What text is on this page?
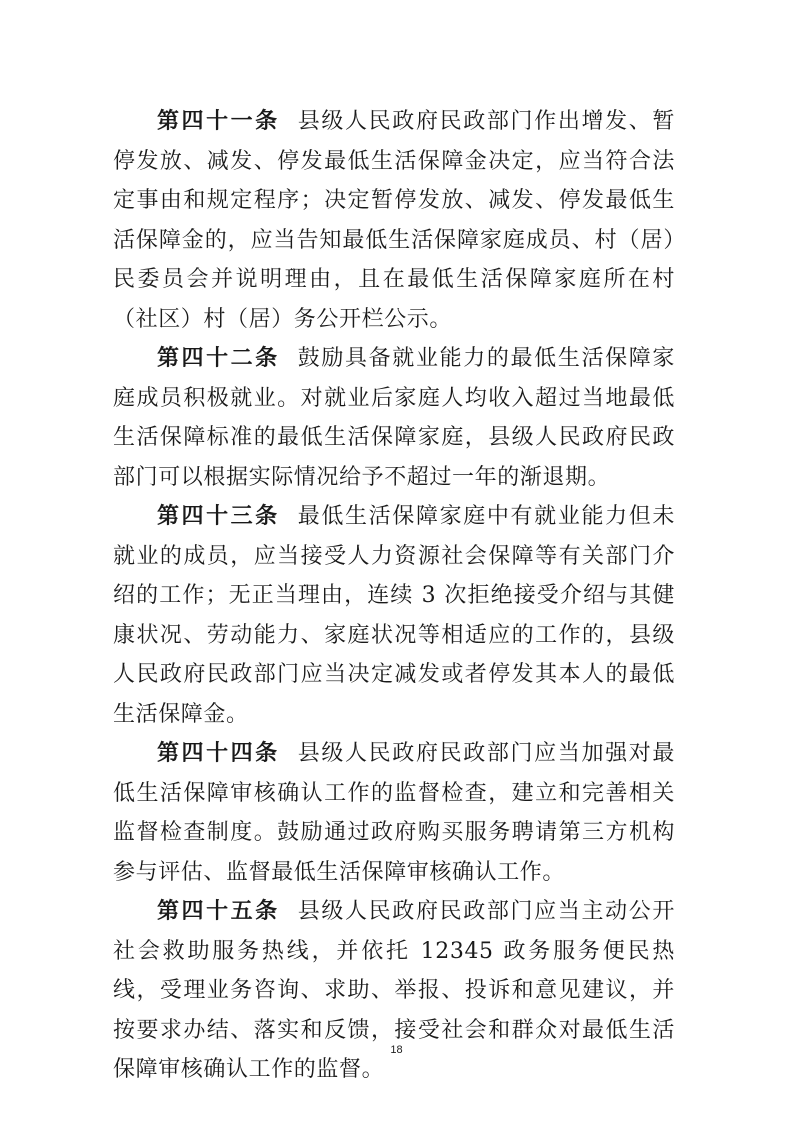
第四十一条 县级人民政府民政部门作出增发、暂停发放、减发、停发最低生活保障金决定，应当符合法定事由和规定程序；决定暂停发放、减发、停发最低生活保障金的，应当告知最低生活保障家庭成员、村（居）民委员会并说明理由，且在最低生活保障家庭所在村（社区）村（居）务公开栏公示。

第四十二条 鼓励具备就业能力的最低生活保障家庭成员积极就业。对就业后家庭人均收入超过当地最低生活保障标准的最低生活保障家庭，县级人民政府民政部门可以根据实际情况给予不超过一年的渐退期。

第四十三条 最低生活保障家庭中有就业能力但未就业的成员，应当接受人力资源社会保障等有关部门介绍的工作；无正当理由，连续 3 次拒绝接受介绍与其健康状况、劳动能力、家庭状况等相适应的工作的，县级人民政府民政部门应当决定减发或者停发其本人的最低生活保障金。

第四十四条 县级人民政府民政部门应当加强对最低生活保障审核确认工作的监督检查，建立和完善相关监督检查制度。鼓励通过政府购买服务聘请第三方机构参与评估、监督最低生活保障审核确认工作。

第四十五条 县级人民政府民政部门应当主动公开社会救助服务热线，并依托 12345 政务服务便民热线，受理业务咨询、求助、举报、投诉和意见建议，并按要求办结、落实和反馈，接受社会和群众对最低生活保障审核确认工作的监督。

18
